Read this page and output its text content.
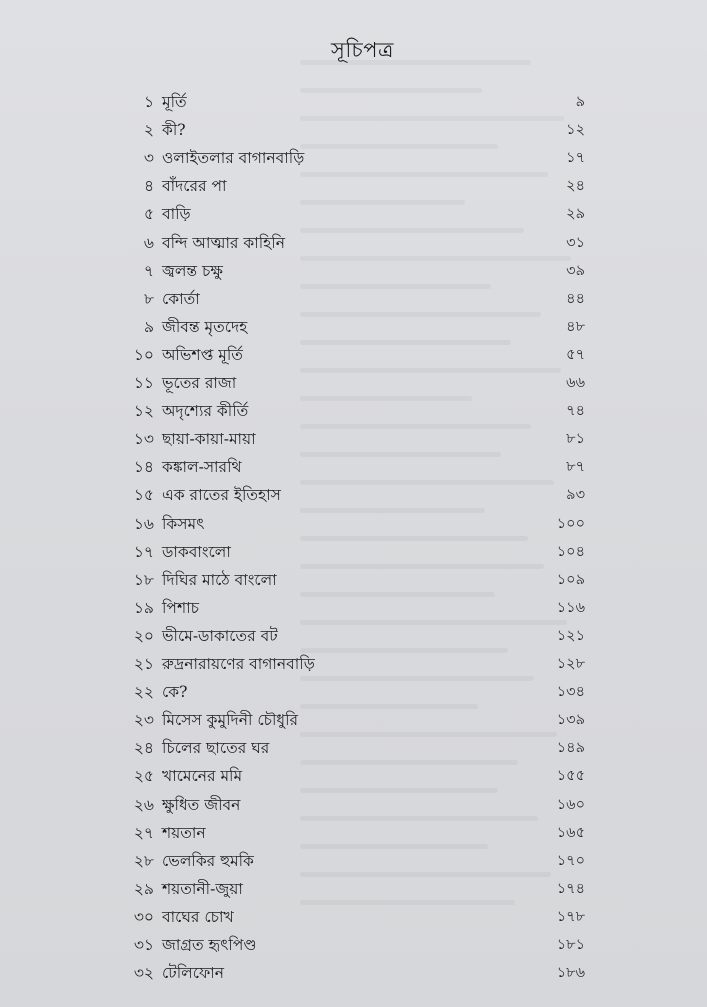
সূচিপত্র
১ মূর্তি	৯
২ কী?	১২
৩ ওলাইতলার বাগানবাড়ি	১৭
৪ বাঁদরের পা	২৪
৫ বাড়ি	২৯
৬ বন্দি আত্মার কাহিনি	৩১
৭ জ্বলন্ত চক্ষু	৩৯
৮ কোর্তা	৪৪
৯ জীবন্ত মৃতদেহ	৪৮
১০ অভিশপ্ত মূর্তি	৫৭
১১ ভূতের রাজা	৬৬
১২ অদৃশ্যের কীর্তি	৭৪
১৩ ছায়া-কায়া-মায়া	৮১
১৪ কঙ্কাল-সারথি	৮৭
১৫ এক রাতের ইতিহাস	৯৩
১৬ কিসমৎ	১০০
১৭ ডাকবাংলো	১০৪
১৮ দিঘির মাঠে বাংলো	১০৯
১৯ পিশাচ	১১৬
২০ ভীমে-ডাকাতের বট	১২১
২১ রুদ্রনারায়ণের বাগানবাড়ি	১২৮
২২ কে?	১৩৪
২৩ মিসেস কুমুদিনী চৌধুরি	১৩৯
২৪ চিলের ছাতের ঘর	১৪৯
২৫ খামেনের মমি	১৫৫
২৬ ক্ষুধিত জীবন	১৬০
২৭ শয়তান	১৬৫
২৮ ভেলকির হুমকি	১৭০
২৯ শয়তানী-জুয়া	১৭৪
৩০ বাঘের চোখ	১৭৮
৩১ জাগ্রত হৃৎপিণ্ড	১৮১
৩২ টেলিফোন	১৮৬
